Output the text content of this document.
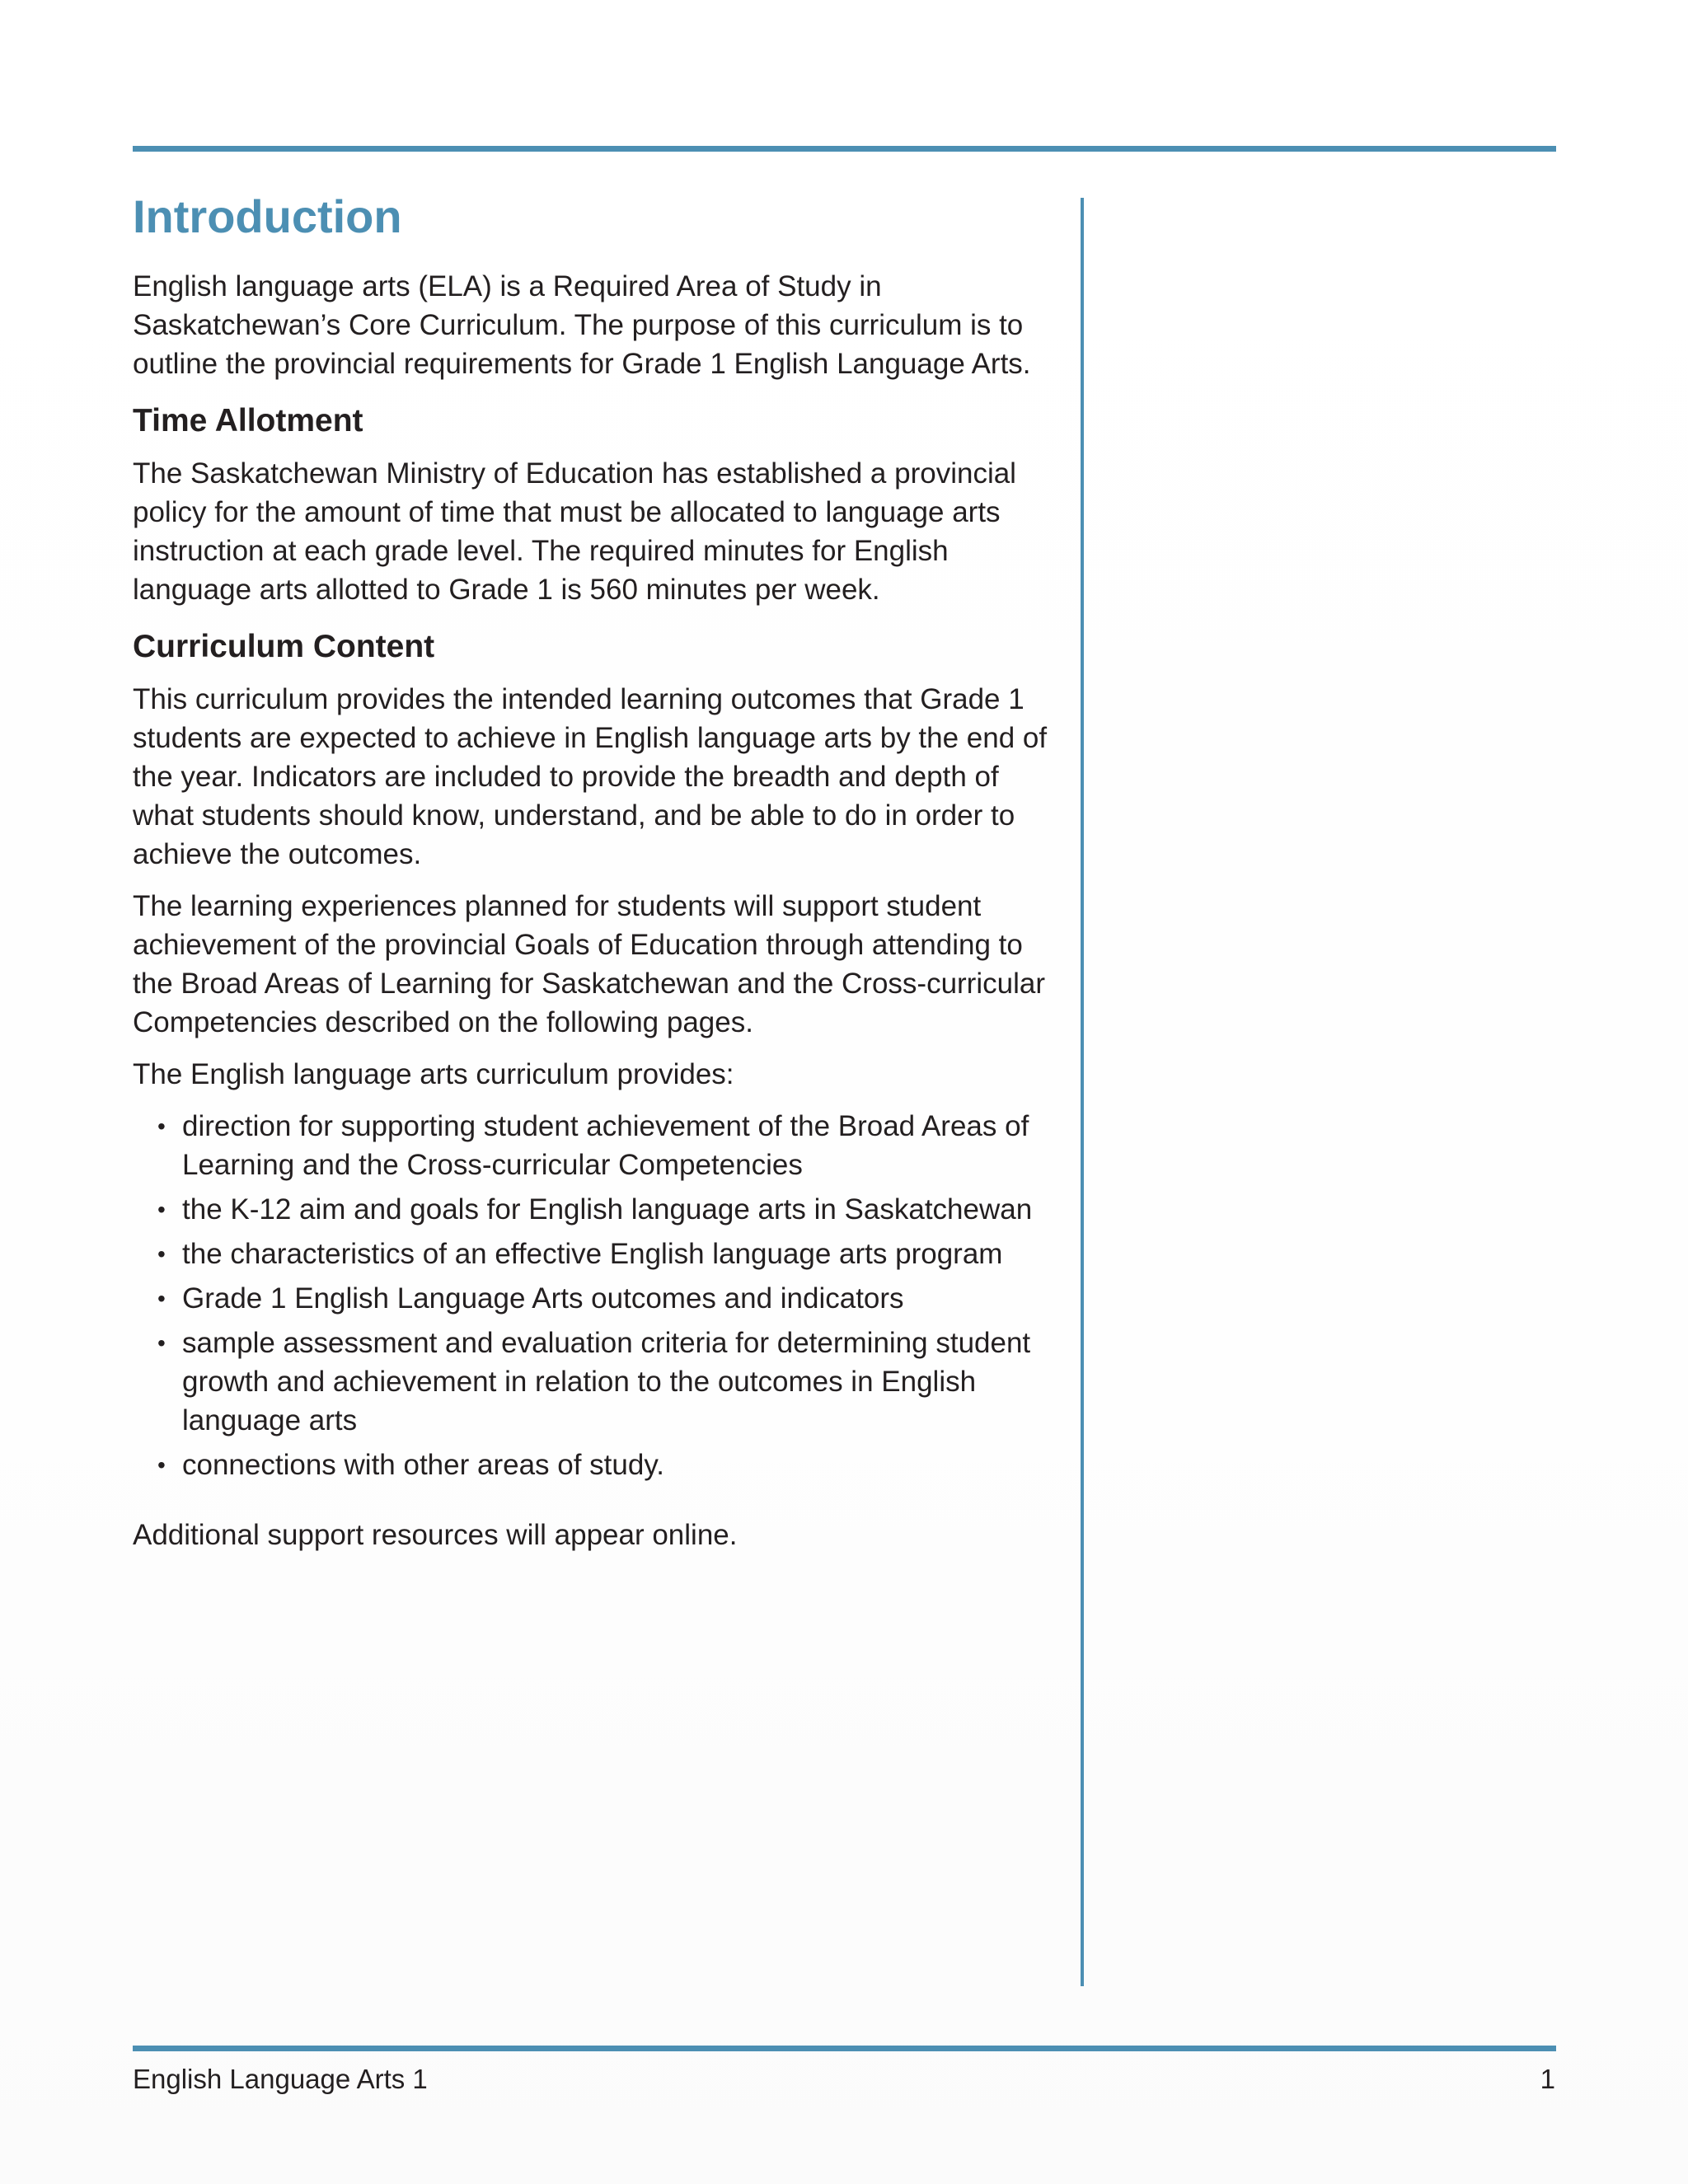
Introduction

English language arts (ELA) is a Required Area of Study in Saskatchewan’s Core Curriculum. The purpose of this curriculum is to outline the provincial requirements for Grade 1 English Language Arts.

Time Allotment

The Saskatchewan Ministry of Education has established a provincial policy for the amount of time that must be allocated to language arts instruction at each grade level. The required minutes for English language arts allotted to Grade 1 is 560 minutes per week.

Curriculum Content

This curriculum provides the intended learning outcomes that Grade 1 students are expected to achieve in English language arts by the end of the year. Indicators are included to provide the breadth and depth of what students should know, understand, and be able to do in order to achieve the outcomes.

The learning experiences planned for students will support student achievement of the provincial Goals of Education through attending to the Broad Areas of Learning for Saskatchewan and the Cross-curricular Competencies described on the following pages.

The English language arts curriculum provides:

• direction for supporting student achievement of the Broad Areas of Learning and the Cross-curricular Competencies
• the K-12 aim and goals for English language arts in Saskatchewan
• the characteristics of an effective English language arts program
• Grade 1 English Language Arts outcomes and indicators
• sample assessment and evaluation criteria for determining student growth and achievement in relation to the outcomes in English language arts
• connections with other areas of study.

Additional support resources will appear online.

English Language Arts 1	1
